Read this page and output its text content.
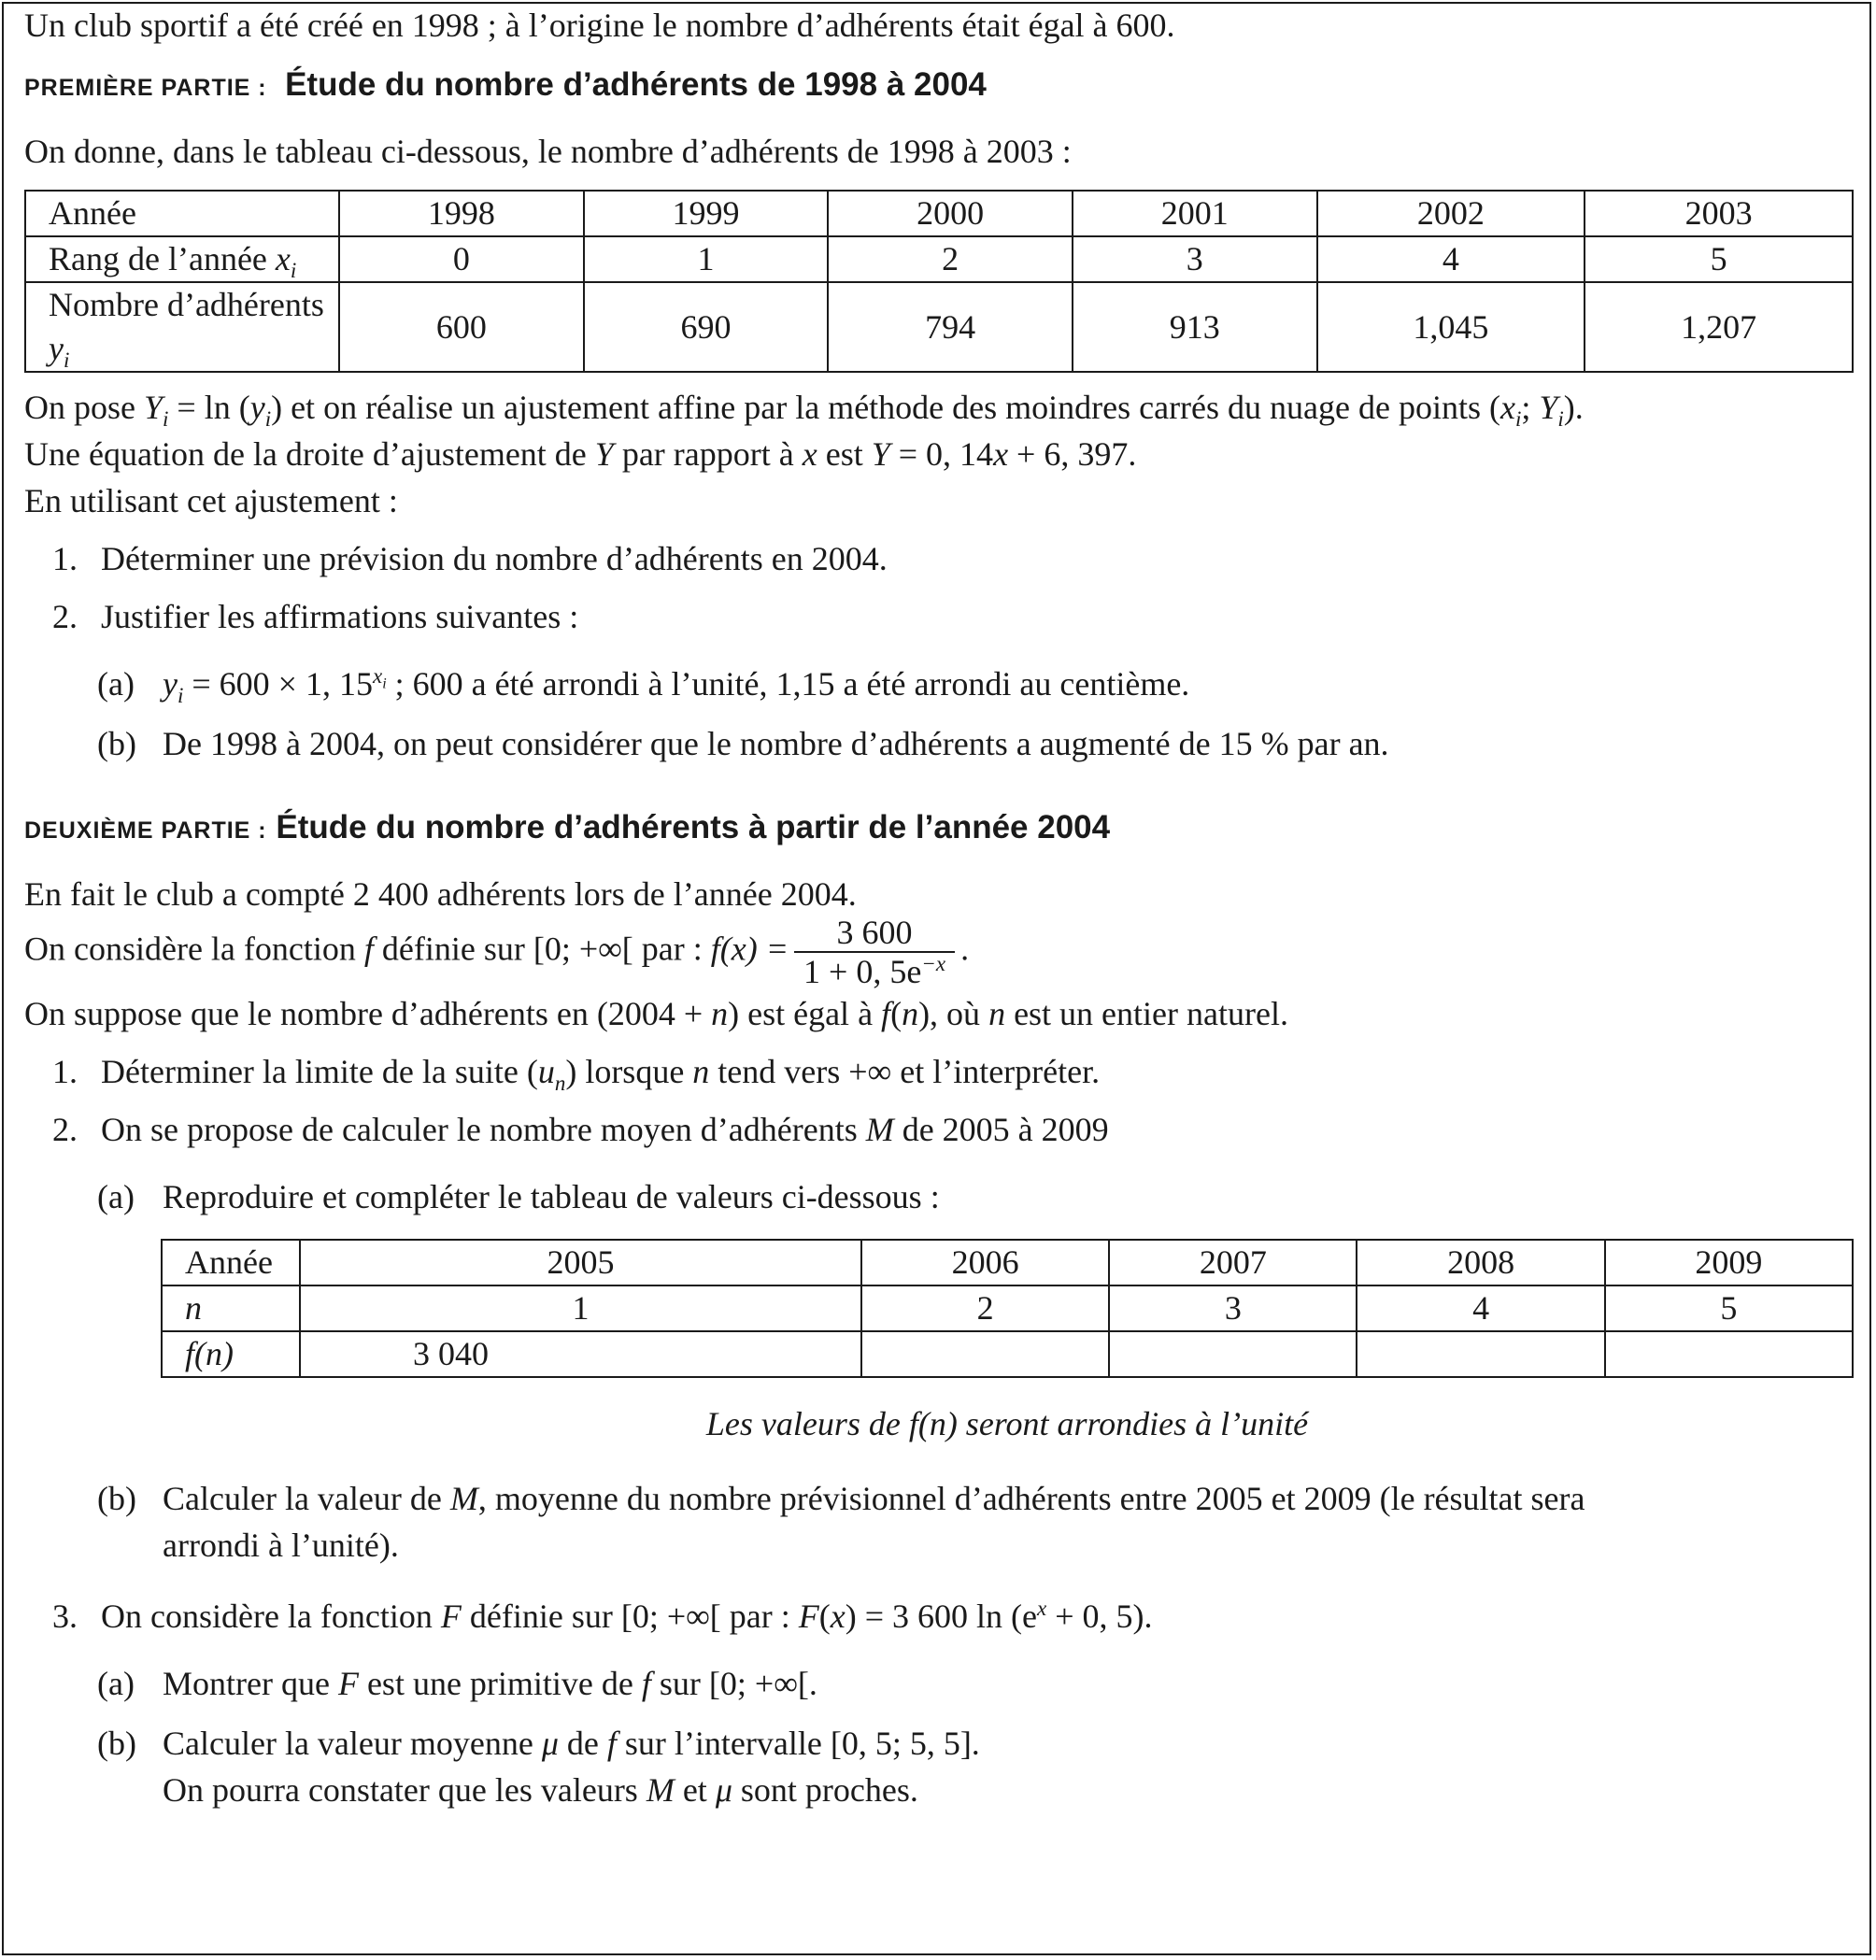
Un club sportif a été créé en 1998 ; à l’origine le nombre d’adhérents était égal à 600.

PREMIÈRE PARTIE : Étude du nombre d’adhérents de 1998 à 2004

On donne, dans le tableau ci-dessous, le nombre d’adhérents de 1998 à 2003 :

Année	1998	1999	2000	2001	2002	2003
Rang de l’année $x_i$	0	1	2	3	4	5
Nombre d’adhérents $y_i$	600	690	794	913	1,045	1,207

On pose $Y_i = \ln (y_i)$ et on réalise un ajustement affine par la méthode des moindres carrés du nuage de points ($x_i$; $Y_i$).

Une équation de la droite d’ajustement de Y par rapport à x est Y = 0, 14x + 6, 397.

En utilisant cet ajustement :

1. Déterminer une prévision du nombre d’adhérents en 2004.
2. Justifier les affirmations suivantes :
(a) $y_i = 600 \times 1$, 15$^{x_i}$ ; 600 a été arrondi à l’unité, 1,15 a été arrondi au centième.
(b) De 1998 à 2004, on peut considérer que le nombre d’adhérents a augmenté de 15 % par an.

DEUXIÈME PARTIE : Étude du nombre d’adhérents à partir de l’année 2004

En fait le club a compté 2 400 adhérents lors de l’année 2004.

On considère la fonction f définie sur [0; +∞[ par : $f(x) = \frac{3 600}{1 + 0, 5e^{-x}}$ .

On suppose que le nombre d’adhérents en (2004 + n) est égal à f(n), où n est un entier naturel.

1. Déterminer la limite de la suite $(u_n)$ lorsque n tend vers +∞ et l’interpréter.
2. On se propose de calculer le nombre moyen d’adhérents M de 2005 à 2009
(a) Reproduire et compléter le tableau de valeurs ci-dessous :
Année	2005	2006	2007	2008	2009
n	1	2	3	4	5
f(n)	3 040				

Les valeurs de f(n) seront arrondies à l’unité

(b) Calculer la valeur de M, moyenne du nombre prévisionnel d’adhérents entre 2005 et 2009 (le résultat sera
arrondi à l’unité).
3. On considère la fonction F définie sur [0; +∞[ par : F(x) = 3 600 $\ln (e^x + 0$, 5).
(a) Montrer que F est une primitive de f sur [0; +∞[.
(b) Calculer la valeur moyenne μ de f sur l’intervalle [0, 5; 5, 5].
On pourra constater que les valeurs M et μ sont proches.
